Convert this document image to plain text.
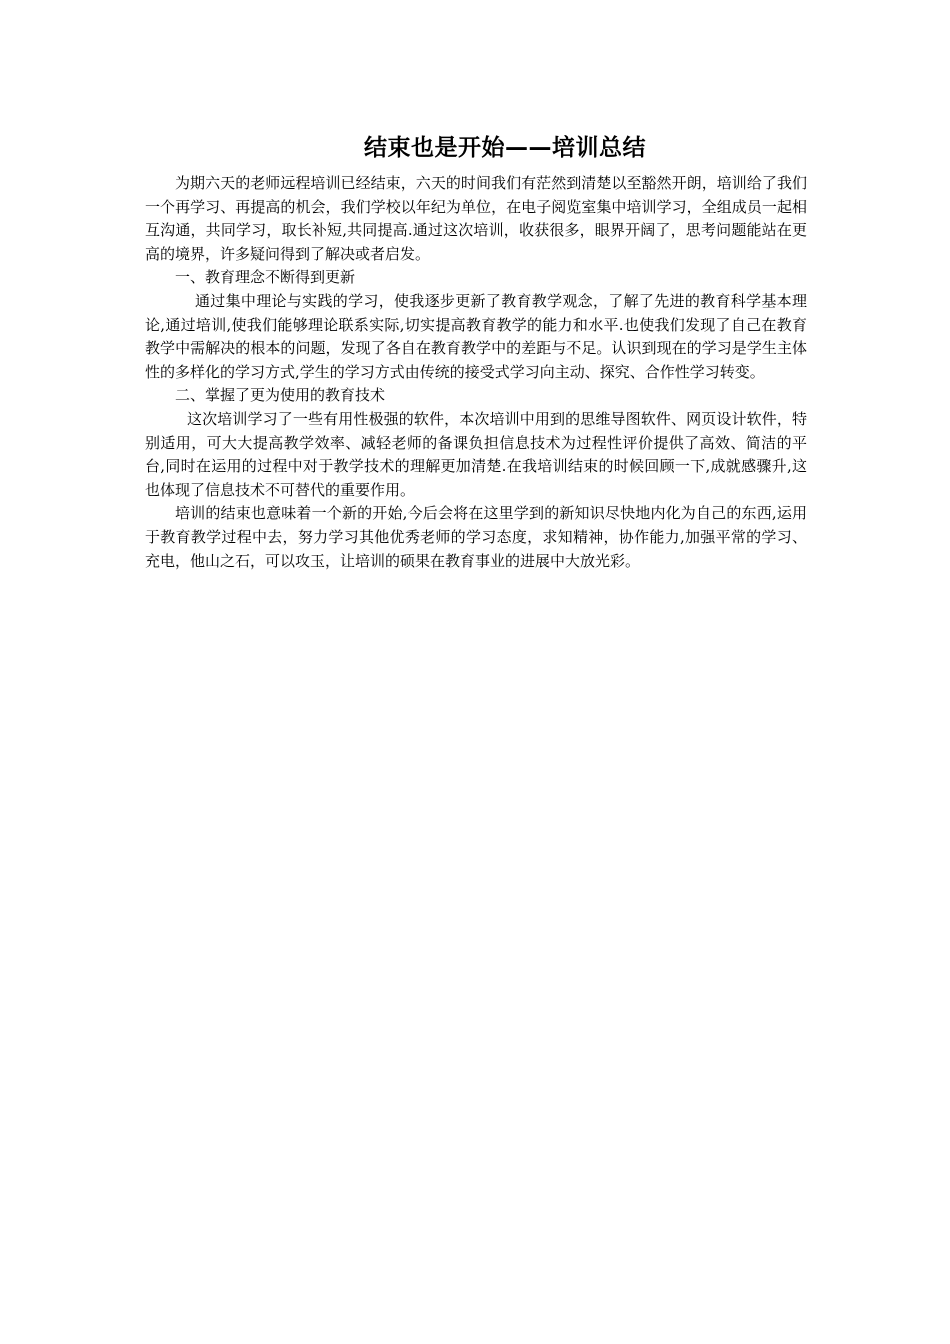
结束也是开始——培训总结

为期六天的老师远程培训已经结束，六天的时间我们有茫然到清楚以至豁然开朗，培训给了我们一个再学习、再提高的机会，我们学校以年纪为单位，在电子阅览室集中培训学习，全组成员一起相互沟通，共同学习，取长补短,共同提高.通过这次培训，收获很多，眼界开阔了，思考问题能站在更高的境界，许多疑问得到了解决或者启发。

一、教育理念不断得到更新

通过集中理论与实践的学习，使我逐步更新了教育教学观念，了解了先进的教育科学基本理论,通过培训,使我们能够理论联系实际,切实提高教育教学的能力和水平.也使我们发现了自己在教育教学中需解决的根本的问题，发现了各自在教育教学中的差距与不足。认识到现在的学习是学生主体性的多样化的学习方式,学生的学习方式由传统的接受式学习向主动、探究、合作性学习转变。

二、掌握了更为使用的教育技术

这次培训学习了一些有用性极强的软件，本次培训中用到的思维导图软件、网页设计软件，特别适用，可大大提高教学效率、减轻老师的备课负担信息技术为过程性评价提供了高效、简洁的平台,同时在运用的过程中对于教学技术的理解更加清楚.在我培训结束的时候回顾一下,成就感骤升,这也体现了信息技术不可替代的重要作用。

培训的结束也意味着一个新的开始,今后会将在这里学到的新知识尽快地内化为自己的东西,运用于教育教学过程中去，努力学习其他优秀老师的学习态度，求知精神，协作能力,加强平常的学习、充电，他山之石，可以攻玉，让培训的硕果在教育事业的进展中大放光彩。
